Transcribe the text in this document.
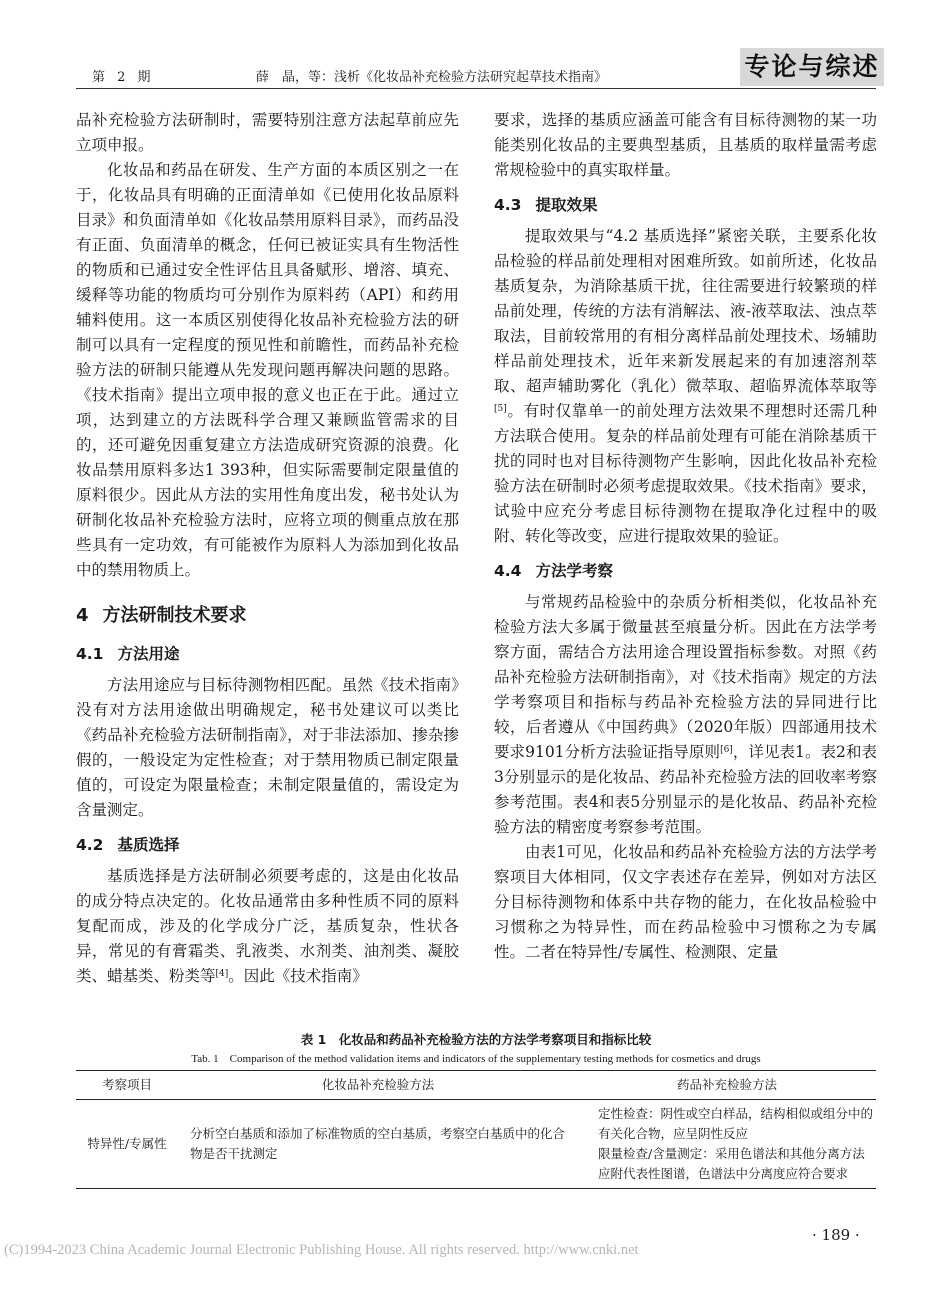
第 2 期	薛　晶，等：浅析《化妆品补充检验方法研究起草技术指南》	专论与综述

品补充检验方法研制时，需要特别注意方法起草前应先立项申报。

化妆品和药品在研发、生产方面的本质区别之一在于，化妆品具有明确的正面清单如《已使用化妆品原料目录》和负面清单如《化妆品禁用原料目录》，而药品没有正面、负面清单的概念，任何已被证实具有生物活性的物质和已通过安全性评估且具备赋形、增溶、填充、缓释等功能的物质均可分别作为原料药（API）和药用辅料使用。这一本质区别使得化妆品补充检验方法的研制可以具有一定程度的预见性和前瞻性，而药品补充检验方法的研制只能遵从先发现问题再解决问题的思路。《技术指南》提出立项申报的意义也正在于此。通过立项，达到建立的方法既科学合理又兼顾监管需求的目的，还可避免因重复建立方法造成研究资源的浪费。化妆品禁用原料多达1 393种，但实际需要制定限量值的原料很少。因此从方法的实用性角度出发，秘书处认为研制化妆品补充检验方法时，应将立项的侧重点放在那些具有一定功效，有可能被作为原料人为添加到化妆品中的禁用物质上。

4 方法研制技术要求
4.1 方法用途

方法用途应与目标待测物相匹配。虽然《技术指南》没有对方法用途做出明确规定，秘书处建议可以类比《药品补充检验方法研制指南》，对于非法添加、掺杂掺假的，一般设定为定性检查；对于禁用物质已制定限量值的，可设定为限量检查；未制定限量值的，需设定为含量测定。

4.2 基质选择

基质选择是方法研制必须要考虑的，这是由化妆品的成分特点决定的。化妆品通常由多种性质不同的原料复配而成，涉及的化学成分广泛，基质复杂，性状各异，常见的有膏霜类、乳液类、水剂类、油剂类、凝胶类、蜡基类、粉类等[4]。因此《技术指南》

要求，选择的基质应涵盖可能含有目标待测物的某一功能类别化妆品的主要典型基质，且基质的取样量需考虑常规检验中的真实取样量。

4.3 提取效果

提取效果与“4.2 基质选择”紧密关联，主要系化妆品检验的样品前处理相对困难所致。如前所述，化妆品基质复杂，为消除基质干扰，往往需要进行较繁琐的样品前处理，传统的方法有消解法、液-液萃取法、浊点萃取法，目前较常用的有相分离样品前处理技术、场辅助样品前处理技术，近年来新发展起来的有加速溶剂萃取、超声辅助雾化（乳化）微萃取、超临界流体萃取等[5]。有时仅靠单一的前处理方法效果不理想时还需几种方法联合使用。复杂的样品前处理有可能在消除基质干扰的同时也对目标待测物产生影响，因此化妆品补充检验方法在研制时必须考虑提取效果。《技术指南》要求，试验中应充分考虑目标待测物在提取净化过程中的吸附、转化等改变，应进行提取效果的验证。

4.4 方法学考察

与常规药品检验中的杂质分析相类似，化妆品补充检验方法大多属于微量甚至痕量分析。因此在方法学考察方面，需结合方法用途合理设置指标参数。对照《药品补充检验方法研制指南》，对《技术指南》规定的方法学考察项目和指标与药品补充检验方法的异同进行比较，后者遵从《中国药典》（2020年版）四部通用技术要求9101分析方法验证指导原则[6]，详见表1。表2和表3分别显示的是化妆品、药品补充检验方法的回收率考察参考范围。表4和表5分别显示的是化妆品、药品补充检验方法的精密度考察参考范围。

由表1可见，化妆品和药品补充检验方法的方法学考察项目大体相同，仅文字表述存在差异，例如对方法区分目标待测物和体系中共存物的能力，在化妆品检验中习惯称之为特异性，而在药品检验中习惯称之为专属性。二者在特异性/专属性、检测限、定量

表 1　化妆品和药品补充检验方法的方法学考察项目和指标比较
Tab. 1　Comparison of the method validation items and indicators of the supplementary testing methods for cosmetics and drugs
考察项目	化妆品补充检验方法	药品补充检验方法
特异性/专属性	分析空白基质和添加了标准物质的空白基质，考察空白基质中的化合物是否干扰测定	定性检查：阴性或空白样品，结构相似或组分中的有关化合物，应呈阴性反应
限量检查/含量测定：采用色谱法和其他分离方法应附代表性图谱，色谱法中分离度应符合要求
· 189 ·
(C)1994-2023 China Academic Journal Electronic Publishing House. All rights reserved. http://www.cnki.net
